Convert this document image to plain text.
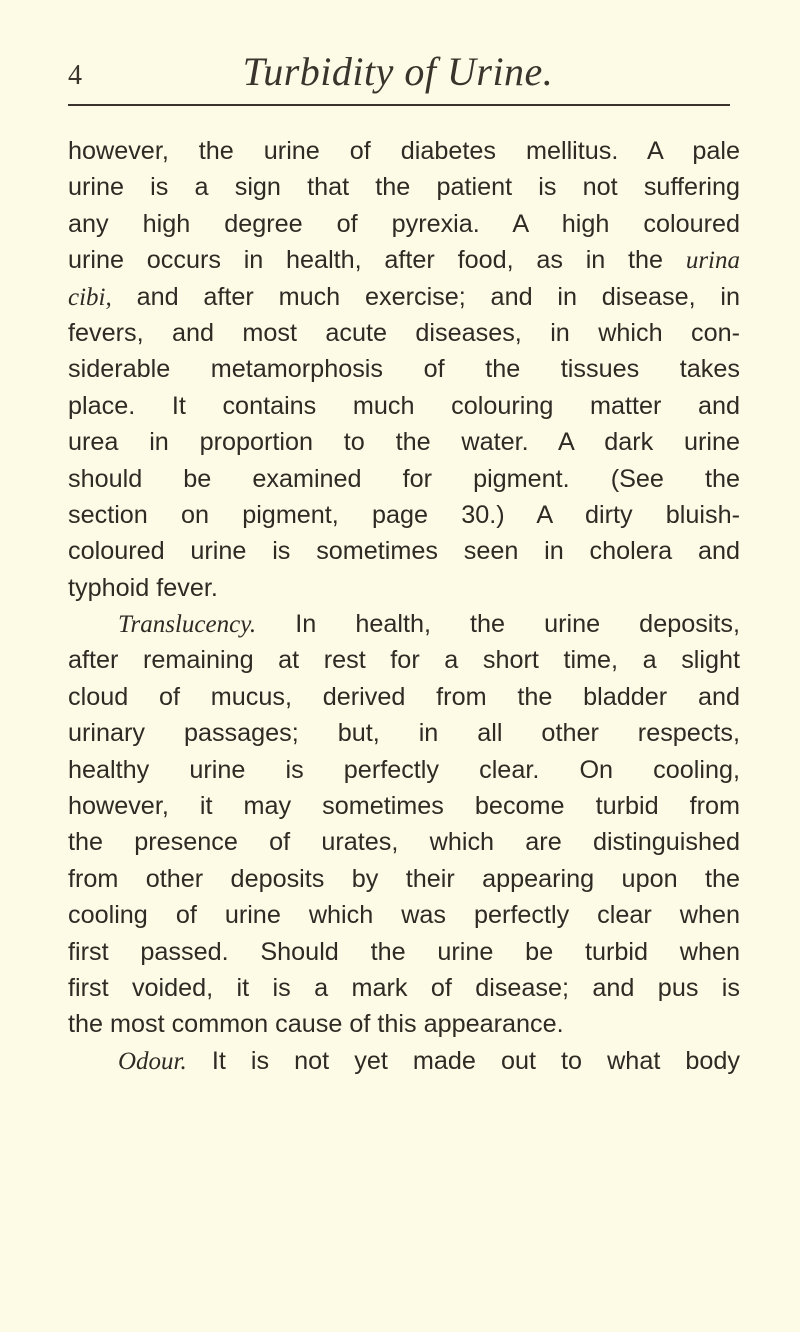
4	Turbidity of Urine.
however, the urine of diabetes mellitus. A pale
urine is a sign that the patient is not suffering
any high degree of pyrexia. A high coloured
urine occurs in health, after food, as in the urina
cibi, and after much exercise; and in disease, in
fevers, and most acute diseases, in which con-
siderable metamorphosis of the tissues takes
place. It contains much colouring matter and
urea in proportion to the water. A dark urine
should be examined for pigment. (See the
section on pigment, page 30.) A dirty bluish-
coloured urine is sometimes seen in cholera and
typhoid fever.
Translucency. In health, the urine deposits,
after remaining at rest for a short time, a slight
cloud of mucus, derived from the bladder and
urinary passages; but, in all other respects,
healthy urine is perfectly clear. On cooling,
however, it may sometimes become turbid from
the presence of urates, which are distinguished
from other deposits by their appearing upon the
cooling of urine which was perfectly clear when
first passed. Should the urine be turbid when
first voided, it is a mark of disease; and pus is
the most common cause of this appearance.
Odour. It is not yet made out to what body
